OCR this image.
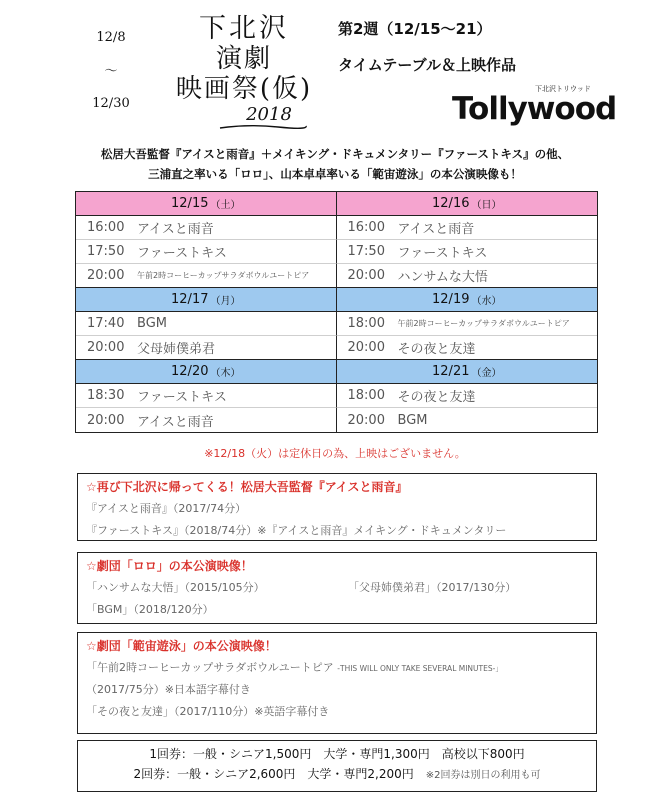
12/8
〜
12/30
下北沢
演劇
映画祭(仮)
2018
第2週（12/15〜21）
タイムテーブル＆上映作品
下北沢トリウッド
Tollywood
松居大吾監督『アイスと雨音』＋メイキング・ドキュメンタリー『ファーストキス』の他、
三浦直之率いる「ロロ」、山本卓卓率いる「範宙遊泳」の本公演映像も！
12/15 （土）	12/16 （日）
16:00 アイスと雨音	16:00 アイスと雨音
17:50 ファーストキス	17:50 ファーストキス
20:00	午前2時コーヒーカップサラダボウルユートピア	20:00 ハンサムな大悟
12/17 （月）	12/19 （水）
17:40 BGM	18:00	午前2時コーヒーカップサラダボウルユートピア
20:00 父母姉僕弟君	20:00 その夜と友達
12/20 （木）	12/21 （金）
18:30 ファーストキス	18:00 その夜と友達
20:00 アイスと雨音	20:00 BGM
※12/18（火）は定休日の為、上映はございません。
☆再び下北沢に帰ってくる！松居大吾監督『アイスと雨音』
『アイスと雨音』（2017/74分）
『ファーストキス』（2018/74分）※『アイスと雨音』メイキング・ドキュメンタリー
☆劇団「ロロ」の本公演映像！
「ハンサムな大悟」（2015/105分）	「父母姉僕弟君」（2017/130分）
「BGM」（2018/120分）
☆劇団「範宙遊泳」の本公演映像！
「午前2時コーヒーカップサラダボウルユートピア -THIS WILL ONLY TAKE SEVERAL MINUTES-」
（2017/75分）※日本語字幕付き
「その夜と友達」（2017/110分）※英語字幕付き
1回券：一般・シニア1,500円　大学・専門1,300円　高校以下800円
2回券：一般・シニア2,600円　大学・専門2,200円　 ※2回券は別日の利用も可
